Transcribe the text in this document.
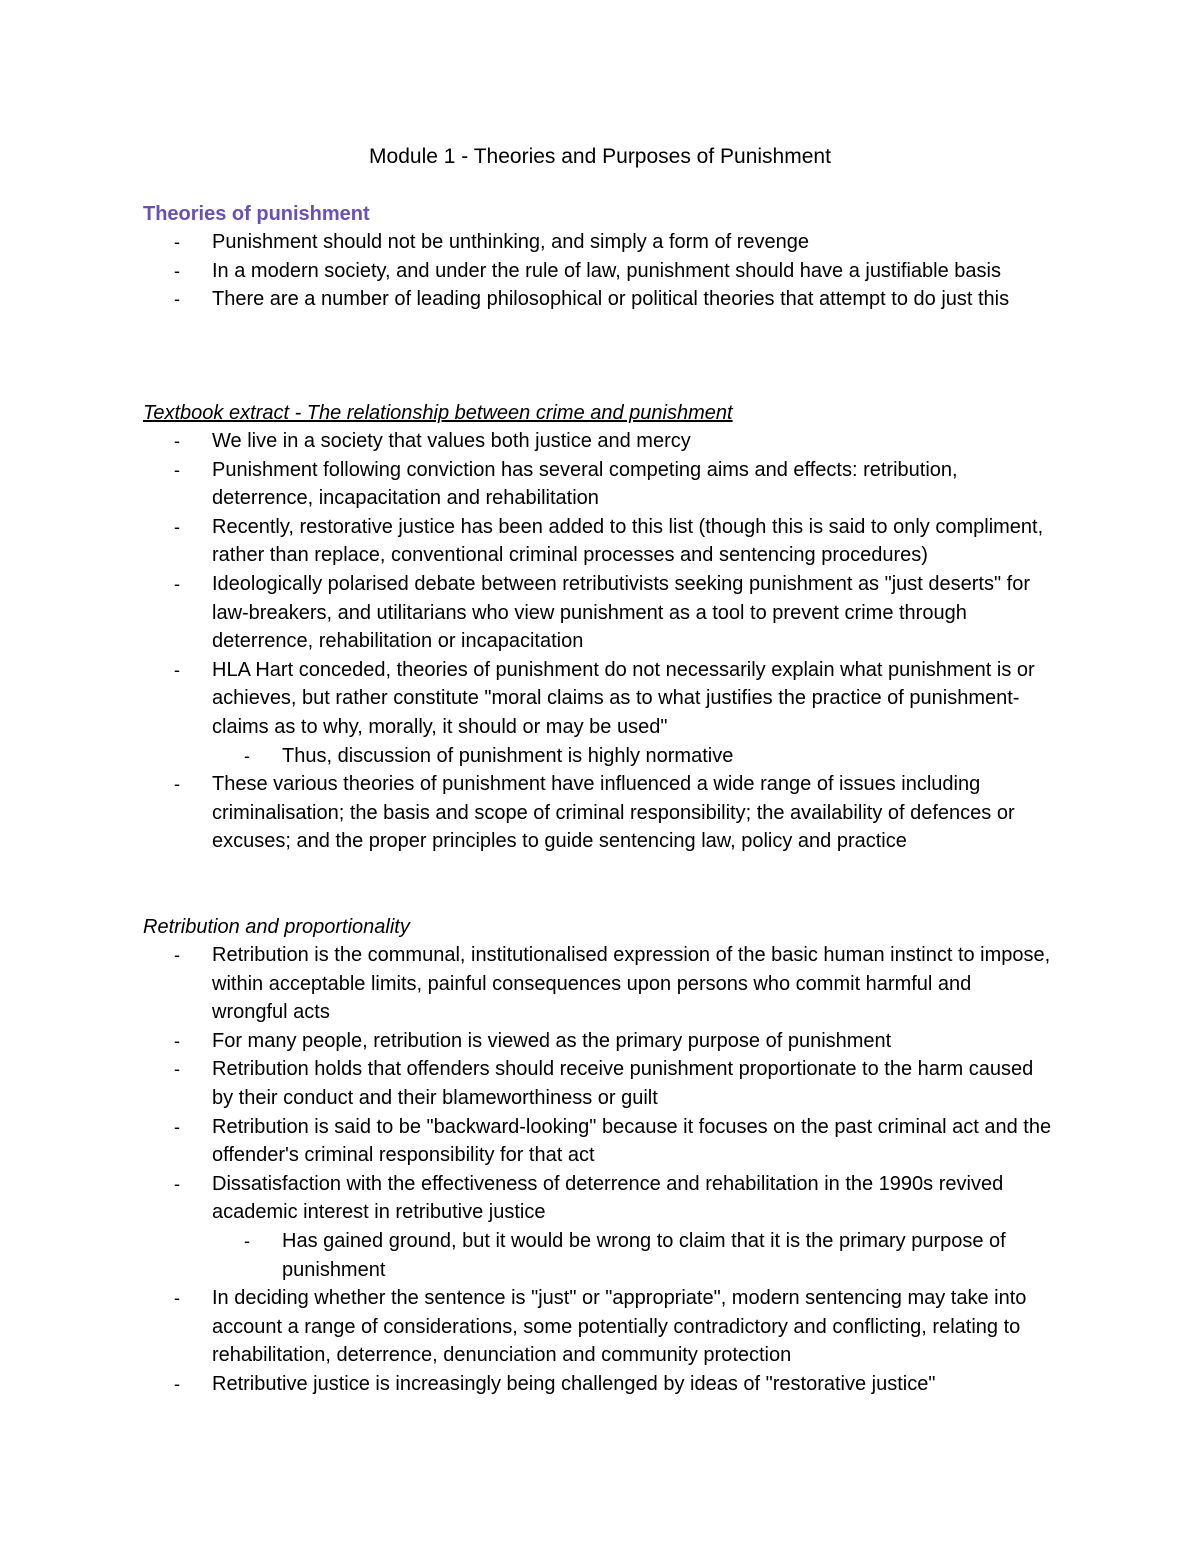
Module 1 - Theories and Purposes of Punishment
Theories of punishment
- Punishment should not be unthinking, and simply a form of revenge
- In a modern society, and under the rule of law, punishment should have a justifiable basis
- There are a number of leading philosophical or political theories that attempt to do just this
Textbook extract - The relationship between crime and punishment
- We live in a society that values both justice and mercy
- Punishment following conviction has several competing aims and effects: retribution, deterrence, incapacitation and rehabilitation
- Recently, restorative justice has been added to this list (though this is said to only compliment, rather than replace, conventional criminal processes and sentencing procedures)
- Ideologically polarised debate between retributivists seeking punishment as "just deserts" for law-breakers, and utilitarians who view punishment as a tool to prevent crime through deterrence, rehabilitation or incapacitation
- HLA Hart conceded, theories of punishment do not necessarily explain what punishment is or achieves, but rather constitute "moral claims as to what justifies the practice of punishment-claims as to why, morally, it should or may be used"
- Thus, discussion of punishment is highly normative
- These various theories of punishment have influenced a wide range of issues including criminalisation; the basis and scope of criminal responsibility; the availability of defences or excuses; and the proper principles to guide sentencing law, policy and practice
Retribution and proportionality
- Retribution is the communal, institutionalised expression of the basic human instinct to impose, within acceptable limits, painful consequences upon persons who commit harmful and wrongful acts
- For many people, retribution is viewed as the primary purpose of punishment
- Retribution holds that offenders should receive punishment proportionate to the harm caused by their conduct and their blameworthiness or guilt
- Retribution is said to be "backward-looking" because it focuses on the past criminal act and the offender's criminal responsibility for that act
- Dissatisfaction with the effectiveness of deterrence and rehabilitation in the 1990s revived academic interest in retributive justice
- Has gained ground, but it would be wrong to claim that it is the primary purpose of punishment
- In deciding whether the sentence is "just" or "appropriate", modern sentencing may take into account a range of considerations, some potentially contradictory and conflicting, relating to rehabilitation, deterrence, denunciation and community protection
- Retributive justice is increasingly being challenged by ideas of "restorative justice"
